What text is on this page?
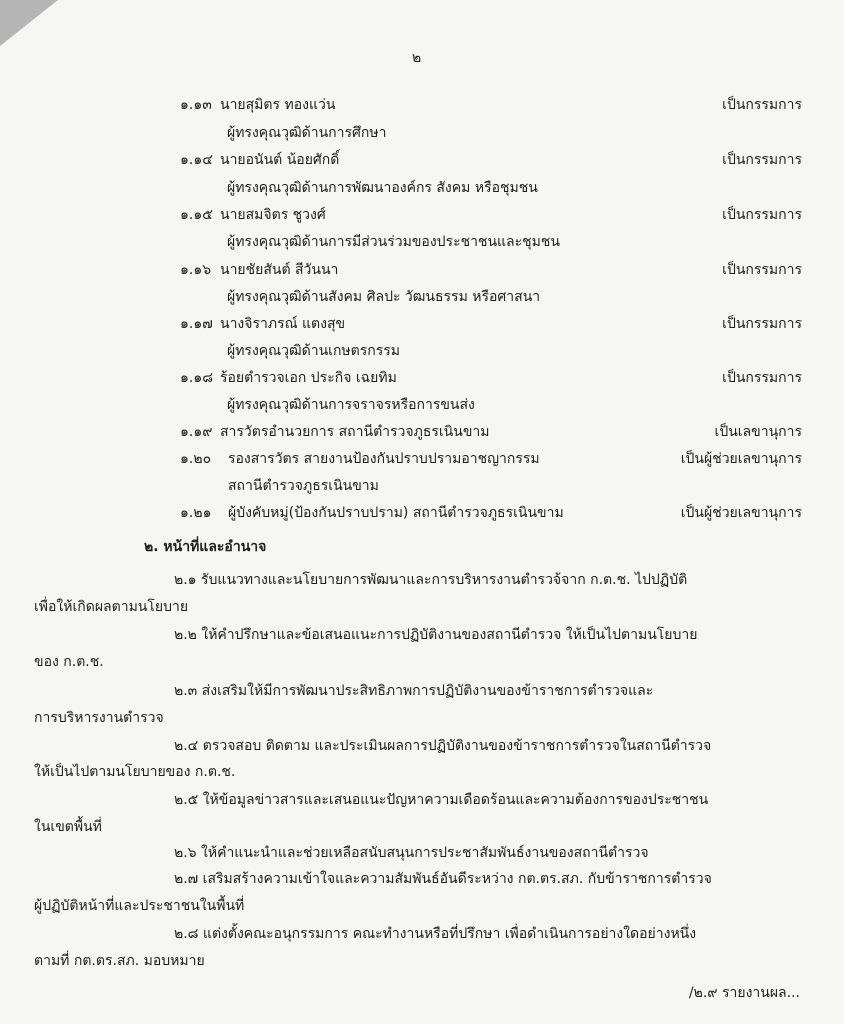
๒
๑.๑๓ นายสุมิตร ทองแว่น	เป็นกรรมการ
ผู้ทรงคุณวุฒิด้านการศึกษา
๑.๑๔ นายอนันต์ น้อยศักดิ์	เป็นกรรมการ
ผู้ทรงคุณวุฒิด้านการพัฒนาองค์กร สังคม หรือชุมชน
๑.๑๕ นายสมจิตร ชูวงศ์	เป็นกรรมการ
ผู้ทรงคุณวุฒิด้านการมีส่วนร่วมของประชาชนและชุมชน
๑.๑๖ นายชัยสันต์ สีวันนา	เป็นกรรมการ
ผู้ทรงคุณวุฒิด้านสังคม ศิลปะ วัฒนธรรม หรือศาสนา
๑.๑๗ นางจิราภรณ์ แตงสุข	เป็นกรรมการ
ผู้ทรงคุณวุฒิด้านเกษตรกรรม
๑.๑๘ ร้อยตำรวจเอก ประกิจ เฉยทิม	เป็นกรรมการ
ผู้ทรงคุณวุฒิด้านการจราจรหรือการขนส่ง
๑.๑๙ สารวัตรอำนวยการ สถานีตำรวจภูธรเนินขาม	เป็นเลขานุการ
๑.๒๐ รองสารวัตร สายงานป้องกันปราบปรามอาชญากรรม	เป็นผู้ช่วยเลขานุการ
สถานีตำรวจภูธรเนินขาม
๑.๒๑ ผู้บังคับหมู่(ป้องกันปราบปราม) สถานีตำรวจภูธรเนินขาม	เป็นผู้ช่วยเลขานุการ
๒. หน้าที่และอำนาจ
๒.๑ รับแนวทางและนโยบายการพัฒนาและการบริหารงานตำรวจ้จาก ก.ต.ช. ไปปฏิบัติ
เพื่อให้เกิดผลตามนโยบาย
๒.๒ ให้คำปรึกษาและข้อเสนอแนะการปฏิบัติงานของสถานีตำรวจ ให้เป็นไปตามนโยบาย
ของ ก.ต.ช.
๒.๓ ส่งเสริมให้มีการพัฒนาประสิทธิภาพการปฏิบัติงานของข้าราชการตำรวจและ
การบริหารงานตำรวจ
๒.๔ ตรวจสอบ ติดตาม และประเมินผลการปฏิบัติงานของข้าราชการตำรวจในสถานีตำรวจ
ให้เป็นไปตามนโยบายของ ก.ต.ช.
๒.๕ ให้ข้อมูลข่าวสารและเสนอแนะปัญหาความเดือดร้อนและความต้องการของประชาชน
ในเขตพื้นที่
๒.๖ ให้คำแนะนำและช่วยเหลือสนับสนุนการประชาสัมพันธ์งานของสถานีตำรวจ
๒.๗ เสริมสร้างความเข้าใจและความสัมพันธ์อันดีระหว่าง กต.ตร.สภ. กับข้าราชการตำรวจ
ผู้ปฏิบัติหน้าที่และประชาชนในพื้นที่
๒.๘ แต่งตั้งคณะอนุกรรมการ คณะทำงานหรือที่ปรึกษา เพื่อดำเนินการอย่างใดอย่างหนึ่ง
ตามที่ กต.ตร.สภ. มอบหมาย
/๒.๙ รายงานผล...
